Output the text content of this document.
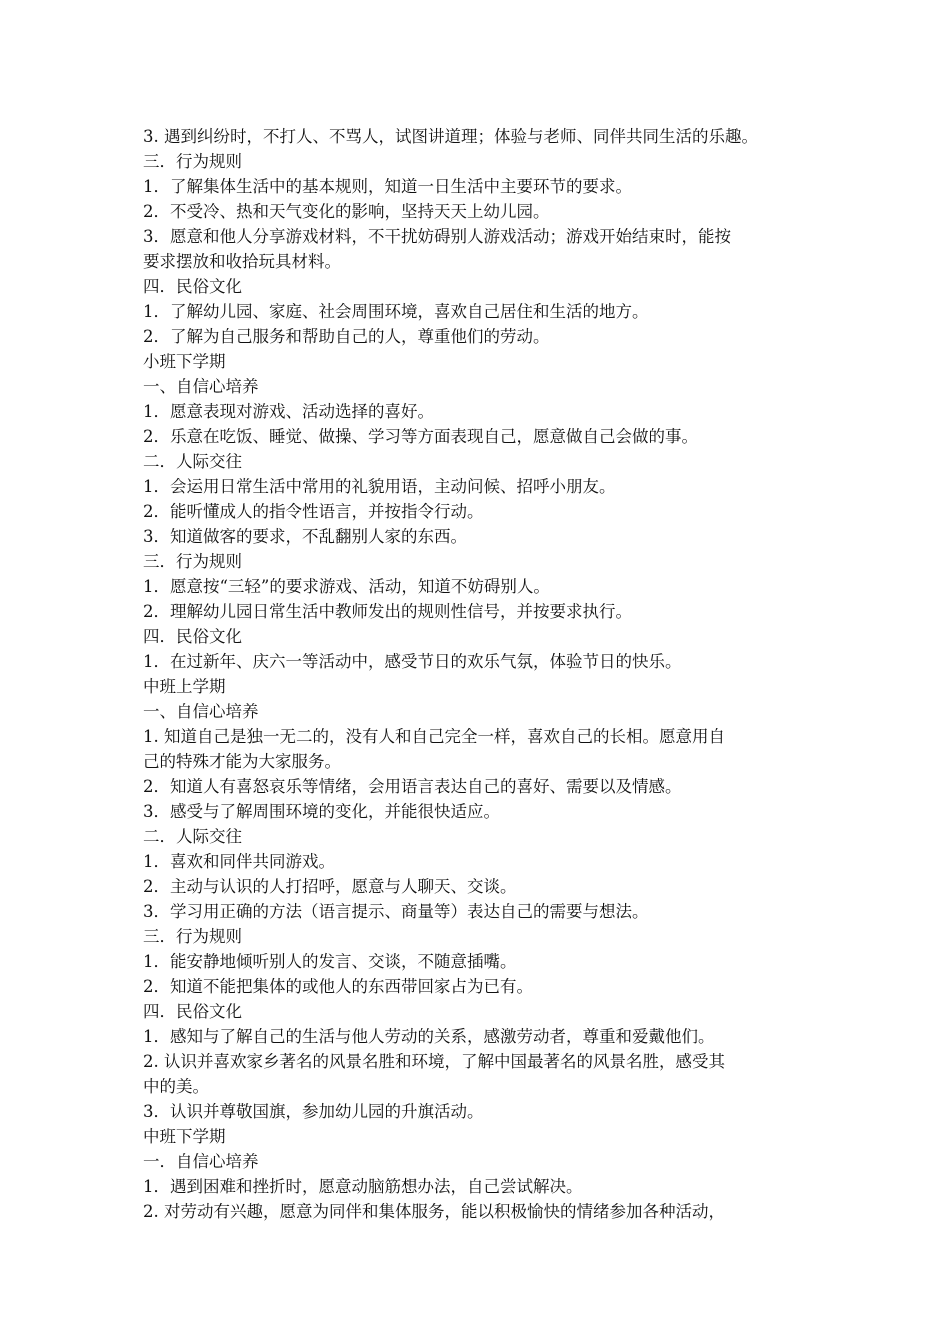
3. 遇到纠纷时，不打人、不骂人，试图讲道理；体验与老师、同伴共同生活的乐趣。
三．行为规则
1．了解集体生活中的基本规则，知道一日生活中主要环节的要求。
2．不受冷、热和天气变化的影响，坚持天天上幼儿园。
3．愿意和他人分享游戏材料，不干扰妨碍别人游戏活动；游戏开始结束时，能按
要求摆放和收拾玩具材料。
四．民俗文化
1．了解幼儿园、家庭、社会周围环境，喜欢自己居住和生活的地方。
2．了解为自己服务和帮助自己的人，尊重他们的劳动。
小班下学期
一、自信心培养
1．愿意表现对游戏、活动选择的喜好。
2．乐意在吃饭、睡觉、做操、学习等方面表现自己，愿意做自己会做的事。
二．人际交往
1．会运用日常生活中常用的礼貌用语，主动问候、招呼小朋友。
2．能听懂成人的指令性语言，并按指令行动。
3．知道做客的要求，不乱翻别人家的东西。
三．行为规则
1．愿意按“三轻”的要求游戏、活动，知道不妨碍别人。
2．理解幼儿园日常生活中教师发出的规则性信号，并按要求执行。
四．民俗文化
1．在过新年、庆六一等活动中，感受节日的欢乐气氛，体验节日的快乐。
中班上学期
一、自信心培养
1. 知道自己是独一无二的，没有人和自己完全一样，喜欢自己的长相。愿意用自
己的特殊才能为大家服务。
2．知道人有喜怒哀乐等情绪，会用语言表达自己的喜好、需要以及情感。
3．感受与了解周围环境的变化，并能很快适应。
二．人际交往
1．喜欢和同伴共同游戏。
2．主动与认识的人打招呼，愿意与人聊天、交谈。
3．学习用正确的方法（语言提示、商量等）表达自己的需要与想法。
三．行为规则
1．能安静地倾听别人的发言、交谈，不随意插嘴。
2．知道不能把集体的或他人的东西带回家占为已有。
四．民俗文化
1．感知与了解自己的生活与他人劳动的关系，感激劳动者，尊重和爱戴他们。
2. 认识并喜欢家乡著名的风景名胜和环境，了解中国最著名的风景名胜，感受其
中的美。
3．认识并尊敬国旗，参加幼儿园的升旗活动。
中班下学期
一．自信心培养
1．遇到困难和挫折时，愿意动脑筋想办法，自己尝试解决。
2. 对劳动有兴趣，愿意为同伴和集体服务，能以积极愉快的情绪参加各种活动，
